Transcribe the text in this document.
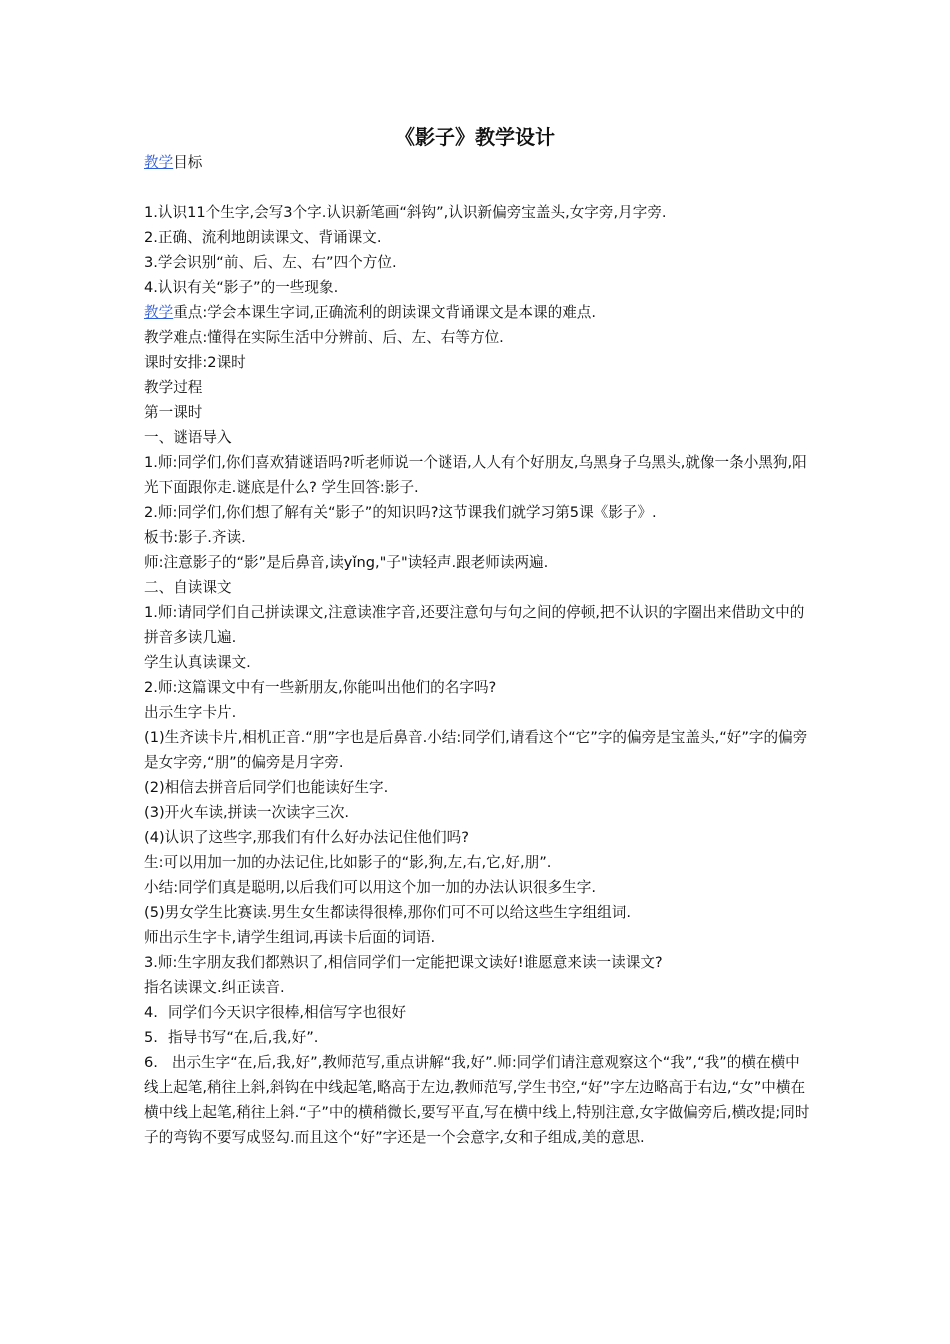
《影子》教学设计

教学目标

1.认识11个生字,会写3个字.认识新笔画“斜钩”,认识新偏旁宝盖头,女字旁,月字旁.

2.正确、流利地朗读课文、背诵课文.

3.学会识别“前、后、左、右”四个方位.

4.认识有关“影子”的一些现象.

教学重点:学会本课生字词,正确流利的朗读课文背诵课文是本课的难点.

教学难点:懂得在实际生活中分辨前、后、左、右等方位.

课时安排:2课时

教学过程

第一课时

一、谜语导入

1.师:同学们,你们喜欢猜谜语吗?听老师说一个谜语,人人有个好朋友,乌黑身子乌黑头,就像一条小黑狗,阳光下面跟你走.谜底是什么? 学生回答:影子.

2.师:同学们,你们想了解有关“影子”的知识吗?这节课我们就学习第5课《影子》.

板书:影子.齐读.

师:注意影子的“影”是后鼻音,读yǐng,"子"读轻声.跟老师读两遍.

二、自读课文

1.师:请同学们自己拼读课文,注意读准字音,还要注意句与句之间的停顿,把不认识的字圈出来借助文中的拼音多读几遍.

学生认真读课文.

2.师:这篇课文中有一些新朋友,你能叫出他们的名字吗?

出示生字卡片.

(1)生齐读卡片,相机正音.“朋”字也是后鼻音.小结:同学们,请看这个“它”字的偏旁是宝盖头,“好”字的偏旁是女字旁,“朋”的偏旁是月字旁.

(2)相信去拼音后同学们也能读好生字.

(3)开火车读,拼读一次读字三次.

(4)认识了这些字,那我们有什么好办法记住他们吗?

生:可以用加一加的办法记住,比如影子的“影,狗,左,右,它,好,朋”.

小结:同学们真是聪明,以后我们可以用这个加一加的办法认识很多生字.

(5)男女学生比赛读.男生女生都读得很棒,那你们可不可以给这些生字组组词.

师出示生字卡,请学生组词,再读卡后面的词语.

3.师:生字朋友我们都熟识了,相信同学们一定能把课文读好!谁愿意来读一读课文?

指名读课文.纠正读音.

4. 同学们今天识字很棒,相信写字也很好
5. 指导书写“在,后,我,好”.

6. 出示生字“在,后,我,好”,教师范写,重点讲解“我,好”.师:同学们请注意观察这个“我”,“我”的横在横中线上起笔,稍往上斜,斜钩在中线起笔,略高于左边,教师范写,学生书空,“好”字左边略高于右边,“女”中横在横中线上起笔,稍往上斜.“子”中的横稍微长,要写平直,写在横中线上,特别注意,女字做偏旁后,横改提;同时子的弯钩不要写成竖勾.而且这个“好”字还是一个会意字,女和子组成,美的意思.
